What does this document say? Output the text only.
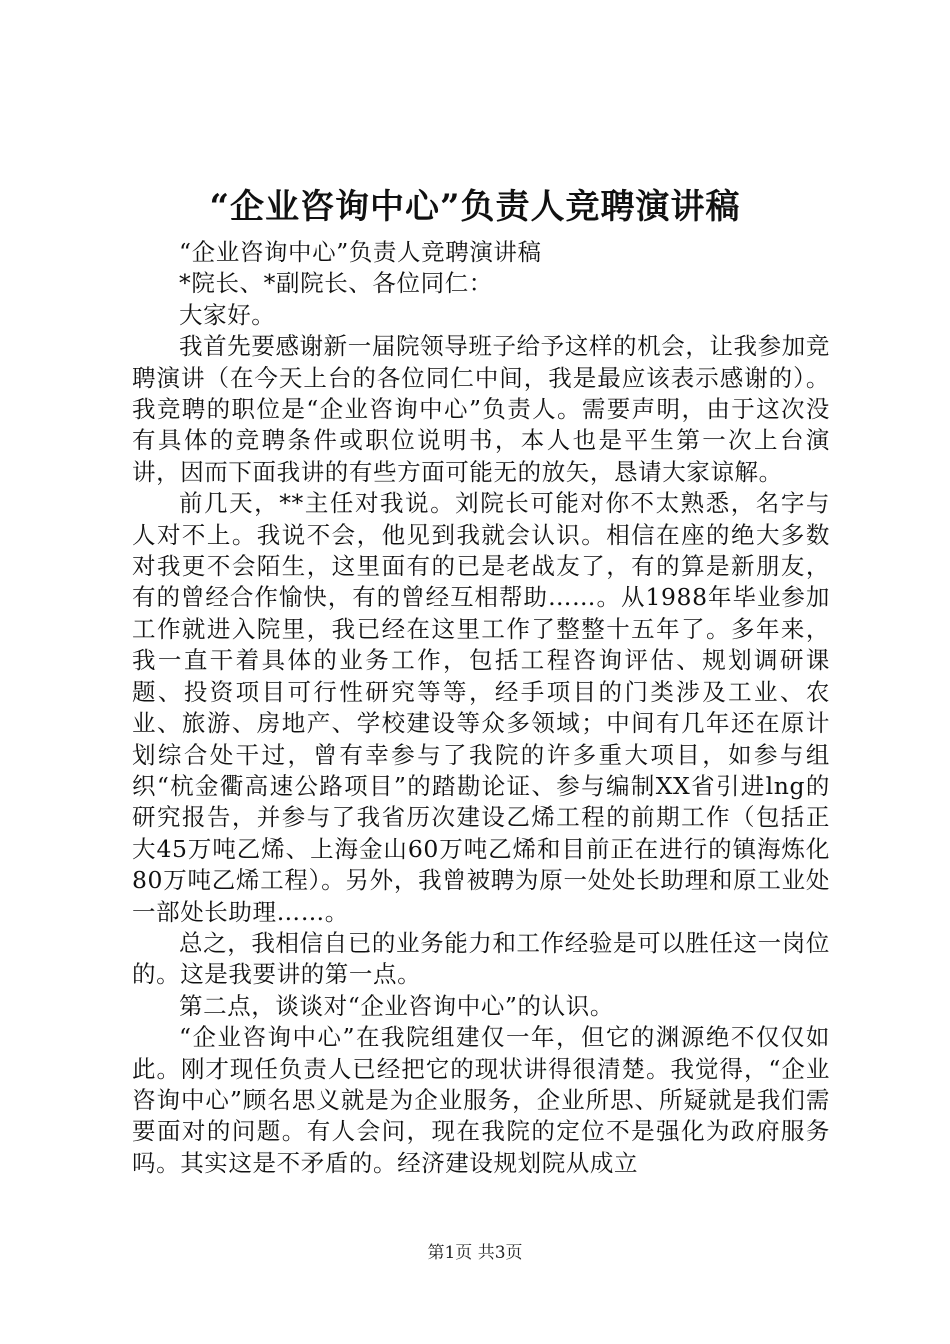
“企业咨询中心”负责人竞聘演讲稿

“企业咨询中心”负责人竞聘演讲稿

*院长、*副院长、各位同仁：

大家好。

我首先要感谢新一届院领导班子给予这样的机会，让我参加竞聘演讲（在今天上台的各位同仁中间，我是最应该表示感谢的）。我竞聘的职位是“企业咨询中心”负责人。需要声明，由于这次没有具体的竞聘条件或职位说明书，本人也是平生第一次上台演讲，因而下面我讲的有些方面可能无的放矢，恳请大家谅解。

前几天，**主任对我说。刘院长可能对你不太熟悉，名字与人对不上。我说不会，他见到我就会认识。相信在座的绝大多数对我更不会陌生，这里面有的已是老战友了，有的算是新朋友，有的曾经合作愉快，有的曾经互相帮助……。从1988年毕业参加工作就进入院里，我已经在这里工作了整整十五年了。多年来，我一直干着具体的业务工作，包括工程咨询评估、规划调研课题、投资项目可行性研究等等，经手项目的门类涉及工业、农业、旅游、房地产、学校建设等众多领域；中间有几年还在原计划综合处干过，曾有幸参与了我院的许多重大项目，如参与组织“杭金衢高速公路项目”的踏勘论证、参与编制XX省引进lng的研究报告，并参与了我省历次建设乙烯工程的前期工作（包括正大45万吨乙烯、上海金山60万吨乙烯和目前正在进行的镇海炼化80万吨乙烯工程）。另外，我曾被聘为原一处处长助理和原工业处一部处长助理……。

总之，我相信自已的业务能力和工作经验是可以胜任这一岗位的。这是我要讲的第一点。

第二点，谈谈对“企业咨询中心”的认识。

“企业咨询中心”在我院组建仅一年，但它的渊源绝不仅仅如此。刚才现任负责人已经把它的现状讲得很清楚。我觉得，“企业咨询中心”顾名思义就是为企业服务，企业所思、所疑就是我们需要面对的问题。有人会问，现在我院的定位不是强化为政府服务吗。其实这是不矛盾的。经济建设规划院从成立

第1页 共3页
